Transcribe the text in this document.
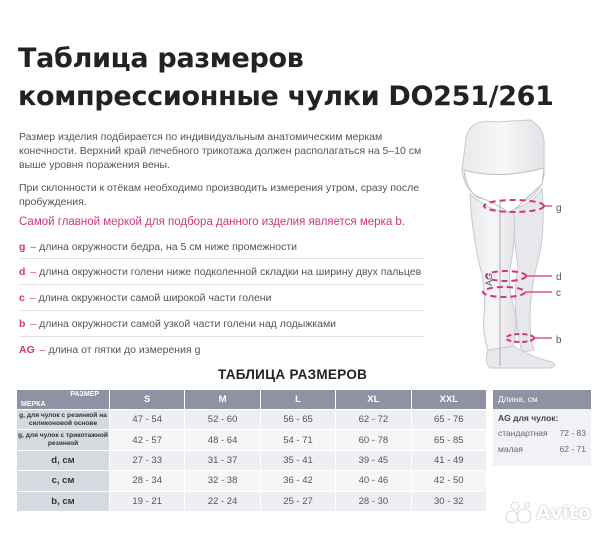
Таблица размеров
компрессионные чулки DO251/261
Размер изделия подбирается по индивидуальным анатомическим меркам конечности. Верхний край лечебного трикотажа должен располагаться на 5–10 см выше уровня поражения вены.
При склонности к отёкам необходимо производить измерения утром, сразу после пробуждения.
Самой главной меркой для подбора данного изделия является мерка b.
g – длина окружности бедра, на 5 см ниже промежности
d – длина окружности голени ниже подколенной складки на ширину двух пальцев
c – длина окружности самой широкой части голени
b – длина окружности самой узкой части голени над лодыжками
AG – длина от пятки до измерения g
AG
g
d
c
b
ТАБЛИЦА РАЗМЕРОВ
РАЗМЕР
МЕРКА	S	M	L	XL	XXL
g, для чулок с резинкой на силиконовой основе	47 - 54	52 - 60	56 - 65	62 - 72	65 - 76
g, для чулок с трикотажной резинкой	42 - 57	48 - 64	54 - 71	60 - 78	65 - 85
d, см	27 - 33	31 - 37	35 - 41	39 - 45	41 - 49
c, см	28 - 34	32 - 38	36 - 42	40 - 46	42 - 50
b, см	19 - 21	22 - 24	25 - 27	28 - 30	30 - 32
Длина, см
AG для чулок:
стандартная 72 - 83
малая	62 - 71
Avito
